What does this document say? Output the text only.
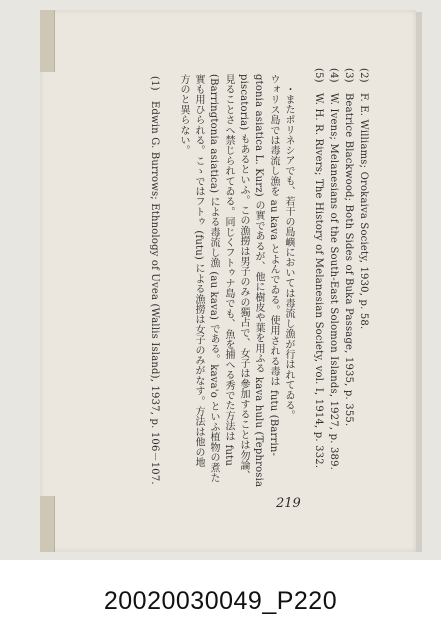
(2)　F. E. Williams; Orokaiva Society, 1930, p. 58.
(3)　Beatrice Blackwood; Both Sides of Buka Passage, 1935, p. 355.
(4)　W. Ivens; Melanesians of the South-East Solomon Islands, 1927, p. 389.
(5)　W. H. R. Rivers; The History of Melanesian Society, vol. I, 1914, p. 332.
・またポリネシアでも、若干の島嶼においては毒流し漁が行はれてゐる。
ウォリス島では毒流し漁を au kava とよんでゐる。使用される毒は futu (Barrin-
gtonia asiatica L. Kurz) の實であるが、他に樹皮や葉を用ふる kava hulu (Tephrosia
piscatoria) もあるといふ。この漁撈は男子のみの獨占で、女子は參加することは勿論、
見ることさへ禁じられてゐる。同じくフトゥナ島でも、魚を捕へる秀でた方法は futu
(Barringtonia asiatica) による毒流し漁 (au kava) である。kava'o といふ植物の煮た
實も用ひられる。こゝではフトゥ (futu) による漁撈は女子のみがなす。方法は他の地
方のと異らない。
(1)　Edwin G. Burrows; Ethnology of Uvea (Wallis Island), 1937, p. 106－107.
219
20020030049_P220
